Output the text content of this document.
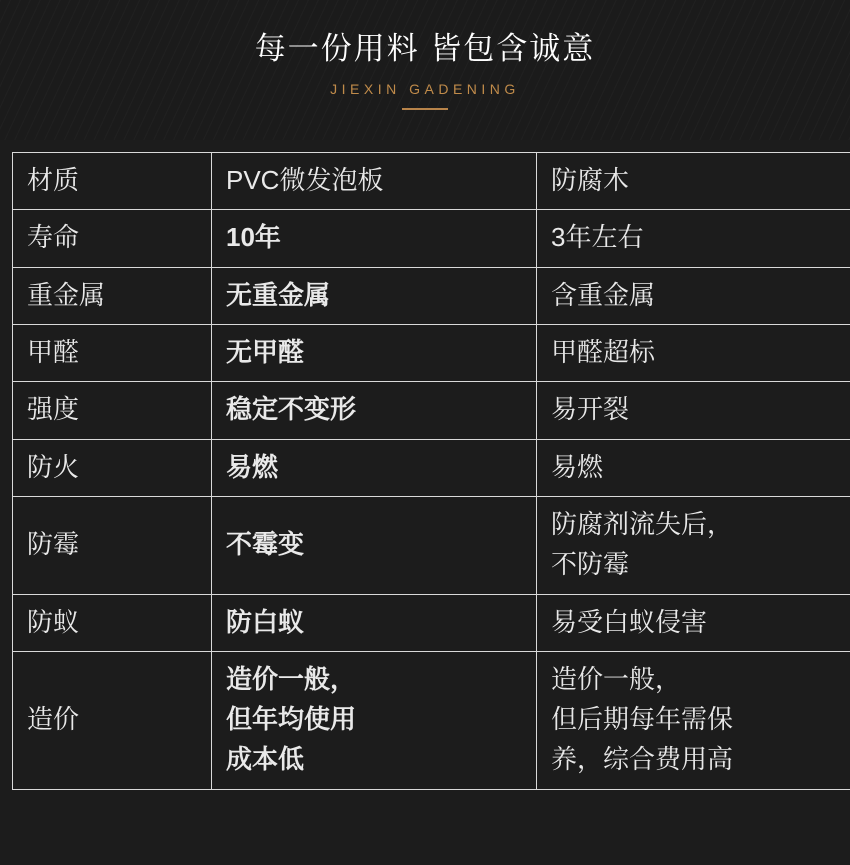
每一份用料 皆包含诚意
JIEXIN GADENING
材质	PVC微发泡板	防腐木

寿命	10年	3年左右

重金属	无重金属	含重金属

甲醛	无甲醛	甲醛超标

强度	稳定不变形	易开裂

防火	易燃	易燃

防霉	不霉变	防腐剂流失后，
不防霉

防蚁	防白蚁	易受白蚁侵害

造价	造价一般，
但年均使用
成本低	造价一般，
但后期每年需保
养，综合费用高
